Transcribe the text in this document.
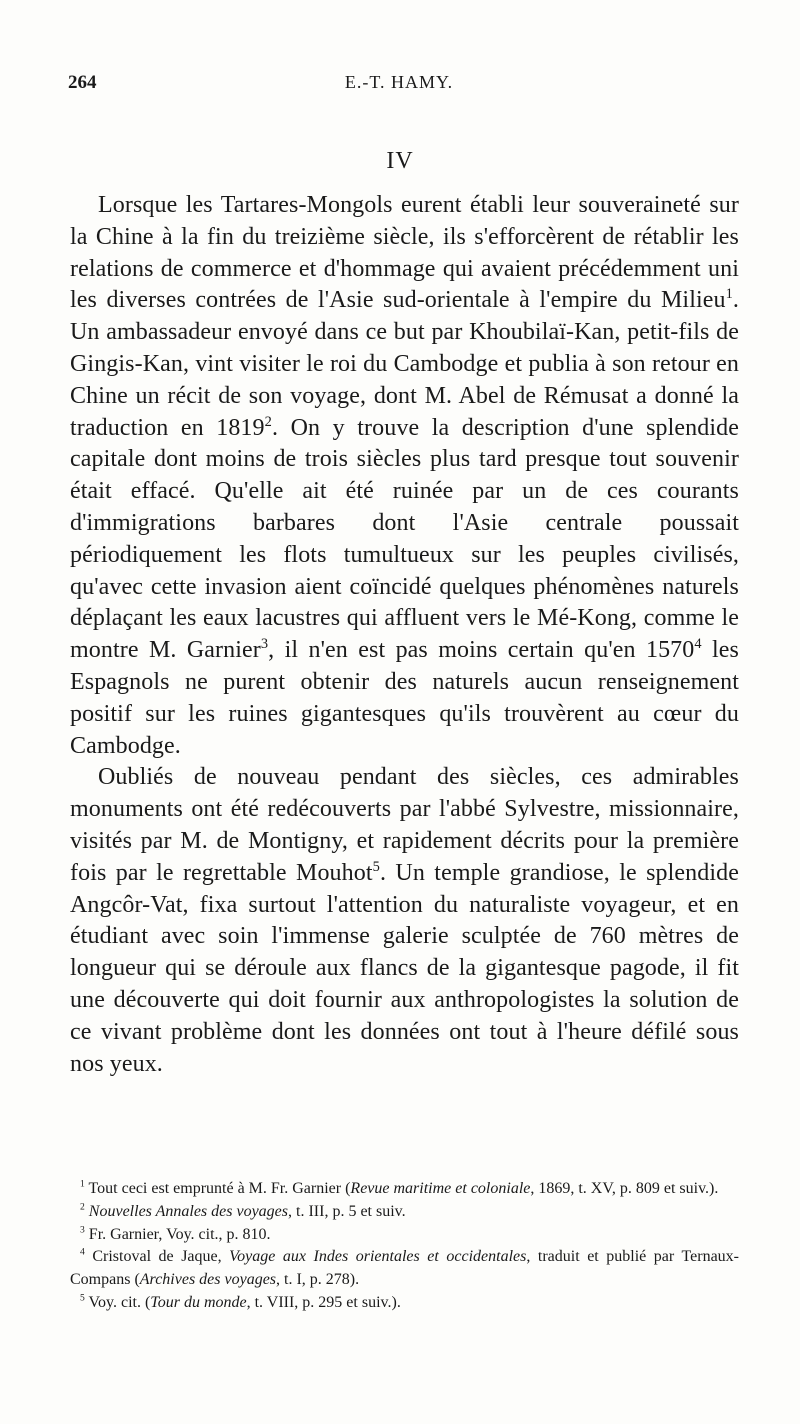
264	E.-T. HAMY.
IV

Lorsque les Tartares-Mongols eurent établi leur souveraineté sur la Chine à la fin du treizième siècle, ils s'efforcèrent de rétablir les relations de commerce et d'hommage qui avaient précédemment uni les diverses contrées de l'Asie sud-orientale à l'empire du Milieu$^1$. Un ambassadeur envoyé dans ce but par Khoubilaï-Kan, petit-fils de Gingis-Kan, vint visiter le roi du Cambodge et publia à son retour en Chine un récit de son voyage, dont M. Abel de Rémusat a donné la traduction en 1819$^2$. On y trouve la description d'une splendide capitale dont moins de trois siècles plus tard presque tout souvenir était effacé. Qu'elle ait été ruinée par un de ces courants d'immigrations barbares dont l'Asie centrale poussait périodiquement les flots tumultueux sur les peuples civilisés, qu'avec cette invasion aient coïncidé quelques phénomènes naturels déplaçant les eaux lacustres qui affluent vers le Mé-Kong, comme le montre M. Garnier$^3$, il n'en est pas moins certain qu'en 1570$^4$ les Espagnols ne purent obtenir des naturels aucun renseignement positif sur les ruines gigantesques qu'ils trouvèrent au cœur du Cambodge.

Oubliés de nouveau pendant des siècles, ces admirables monuments ont été redécouverts par l'abbé Sylvestre, missionnaire, visités par M. de Montigny, et rapidement décrits pour la première fois par le regrettable Mouhot$^5$. Un temple grandiose, le splendide Angcôr-Vat, fixa surtout l'attention du naturaliste voyageur, et en étudiant avec soin l'immense galerie sculptée de 760 mètres de longueur qui se déroule aux flancs de la gigantesque pagode, il fit une découverte qui doit fournir aux anthropologistes la solution de ce vivant problème dont les données ont tout à l'heure défilé sous nos yeux.

$^1$ Tout ceci est emprunté à M. Fr. Garnier (Revue maritime et coloniale, 1869, t. XV, p. 809 et suiv.).

$^2$ Nouvelles Annales des voyages, t. III, p. 5 et suiv.

$^3$ Fr. Garnier, Voy. cit., p. 810.

$^4$ Cristoval de Jaque, Voyage aux Indes orientales et occidentales, traduit et publié par Ternaux-Compans (Archives des voyages, t. I, p. 278).

$^5$ Voy. cit. (Tour du monde, t. VIII, p. 295 et suiv.).
